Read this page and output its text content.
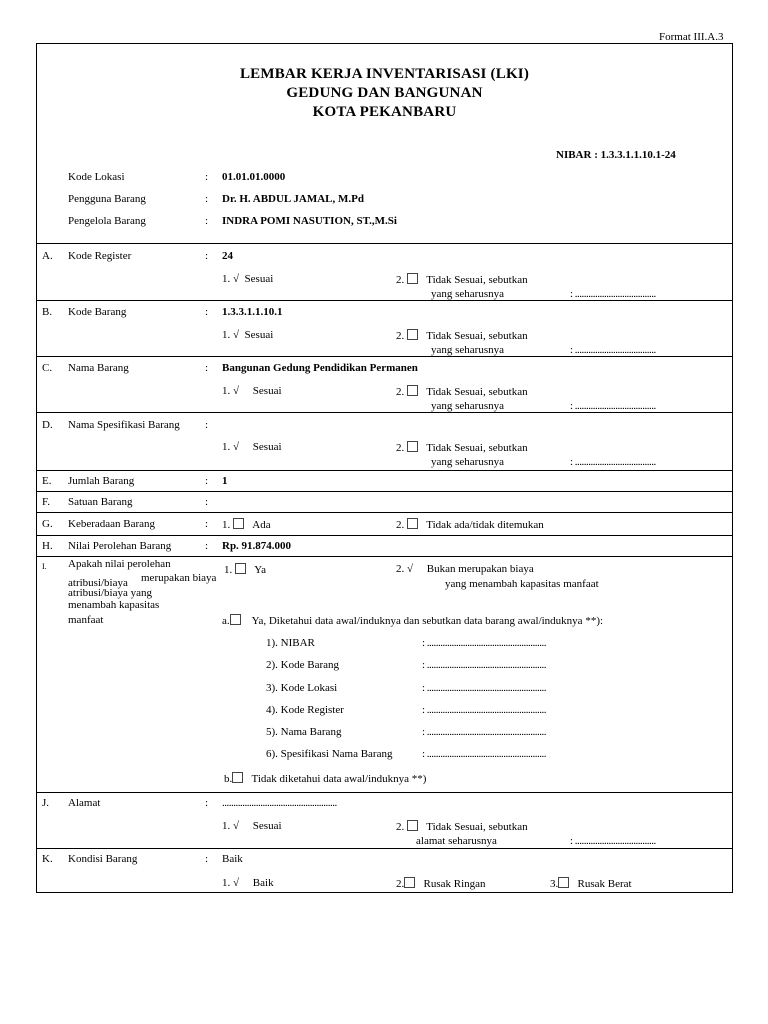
Format III.A.3
LEMBAR KERJA INVENTARISASI (LKI)
GEDUNG DAN BANGUNAN
KOTA PEKANBARU
NIBAR : 1.3.3.1.1.10.1-24
Kode Lokasi	: 01.01.01.0000
Pengguna Barang	: Dr. H. ABDUL JAMAL, M.Pd
Pengelola Barang	: INDRA POMI NASUTION, ST.,M.Si
A. Kode Register	: 24
1. √ Sesuai	2. Tidak Sesuai, sebutkan
yang seharusnya	: ....................................
B. Kode Barang	: 1.3.3.1.1.10.1
1. √ Sesuai	2. Tidak Sesuai, sebutkan
yang seharusnya	: ....................................
C. Nama Barang	: Bangunan Gedung Pendidikan Permanen
1. √ Sesuai	2. Tidak Sesuai, sebutkan
yang seharusnya	: ....................................
D. Nama Spesifikasi Barang :
1. √ Sesuai	2. Tidak Sesuai, sebutkan
yang seharusnya	: ....................................
E. Jumlah Barang	: 1
F. Satuan Barang	:
G. Keberadaan Barang	: 1. Ada	2. Tidak ada/tidak ditemukan
H. Nilai Perolehan Barang	: Rp. 91.874.000
I. Apakah nilai perolehan
merupakan biaya
atribusi/biaya
atribusi/biaya yang
menambah kapasitas
manfaat
1. Ya	2. √ Bukan merupakan biaya
yang menambah kapasitas manfaat
a. Ya, Diketahui data awal/induknya dan sebutkan data barang awal/induknya **):
1). NIBAR	: .....................................................
2). Kode Barang	: .....................................................
3). Kode Lokasi	: .....................................................
4). Kode Register	: .....................................................
5). Nama Barang	: .....................................................
6). Spesifikasi Nama Barang	: .....................................................
b. Tidak diketahui data awal/induknya **)
J. Alamat	: ...................................................
1. √ Sesuai	2. Tidak Sesuai, sebutkan
alamat seharusnya	: ....................................
K. Kondisi Barang	: Baik
1. √ Baik	2. Rusak Ringan	3. Rusak Berat
